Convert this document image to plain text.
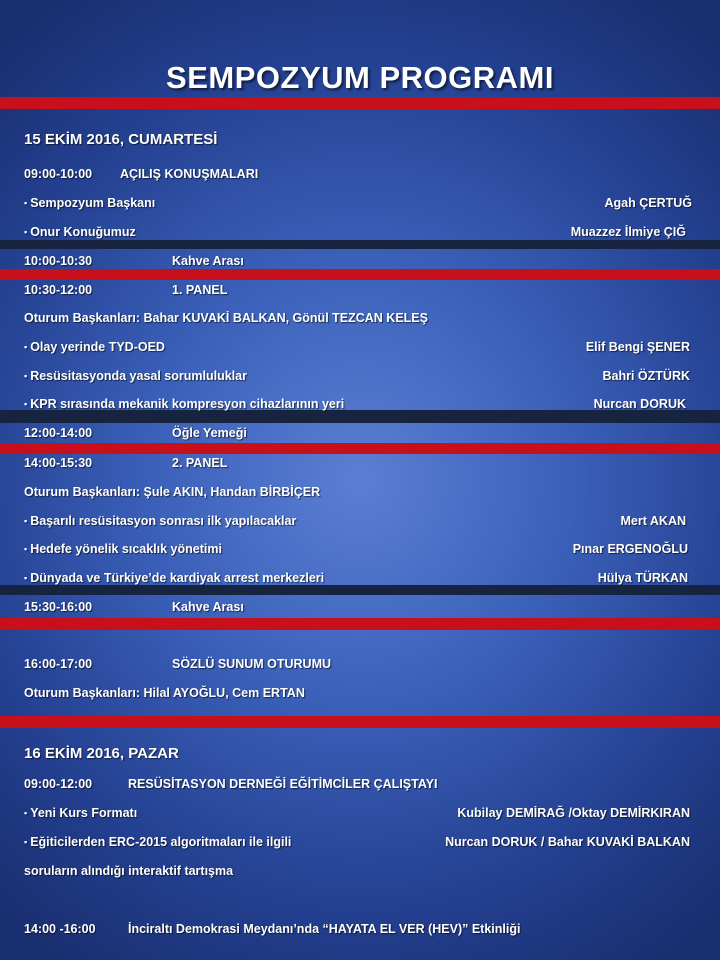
SEMPOZYUM PROGRAMI
15 EKİM 2016, CUMARTESİ
09:00-10:00 AÇILIŞ KONUŞMALARI
▪ Sempozyum Başkanı	Agah ÇERTUĞ
▪ Onur Konuğumuz	Muazzez İlmiye ÇIĞ
10:00-10:30	Kahve Arası
10:30-12:00	1. PANEL
Oturum Başkanları: Bahar KUVAKİ BALKAN, Gönül TEZCAN KELEŞ
▪ Olay yerinde TYD-OED	Elif Bengi ŞENER
▪ Resüsitasyonda yasal sorumluluklar	Bahri ÖZTÜRK
▪ KPR sırasında mekanik kompresyon cihazlarının yeri	Nurcan DORUK
12:00-14:00	Öğle Yemeği
14:00-15:30	2. PANEL
Oturum Başkanları: Şule AKIN, Handan BİRBİÇER
▪ Başarılı resüsitasyon sonrası ilk yapılacaklar	Mert AKAN
▪ Hedefe yönelik sıcaklık yönetimi	Pınar ERGENOĞLU
▪ Dünyada ve Türkiye’de kardiyak arrest merkezleri	Hülya TÜRKAN
15:30-16:00	Kahve Arası
16:00-17:00	SÖZLÜ SUNUM OTURUMU
Oturum Başkanları: Hilal AYOĞLU, Cem ERTAN
16 EKİM 2016, PAZAR
09:00-12:00	RESÜSİTASYON DERNEĞİ EĞİTİMCİLER ÇALIŞTAYI
▪ Yeni Kurs Formatı	Kubilay DEMİRAĞ /Oktay DEMİRKIRAN
▪ Eğiticilerden ERC-2015 algoritmaları ile ilgili	Nurcan DORUK / Bahar KUVAKİ BALKAN
soruların alındığı interaktif tartışma
14:00 -16:00	İnciraltı Demokrasi Meydanı’nda “HAYATA EL VER (HEV)” Etkinliği
